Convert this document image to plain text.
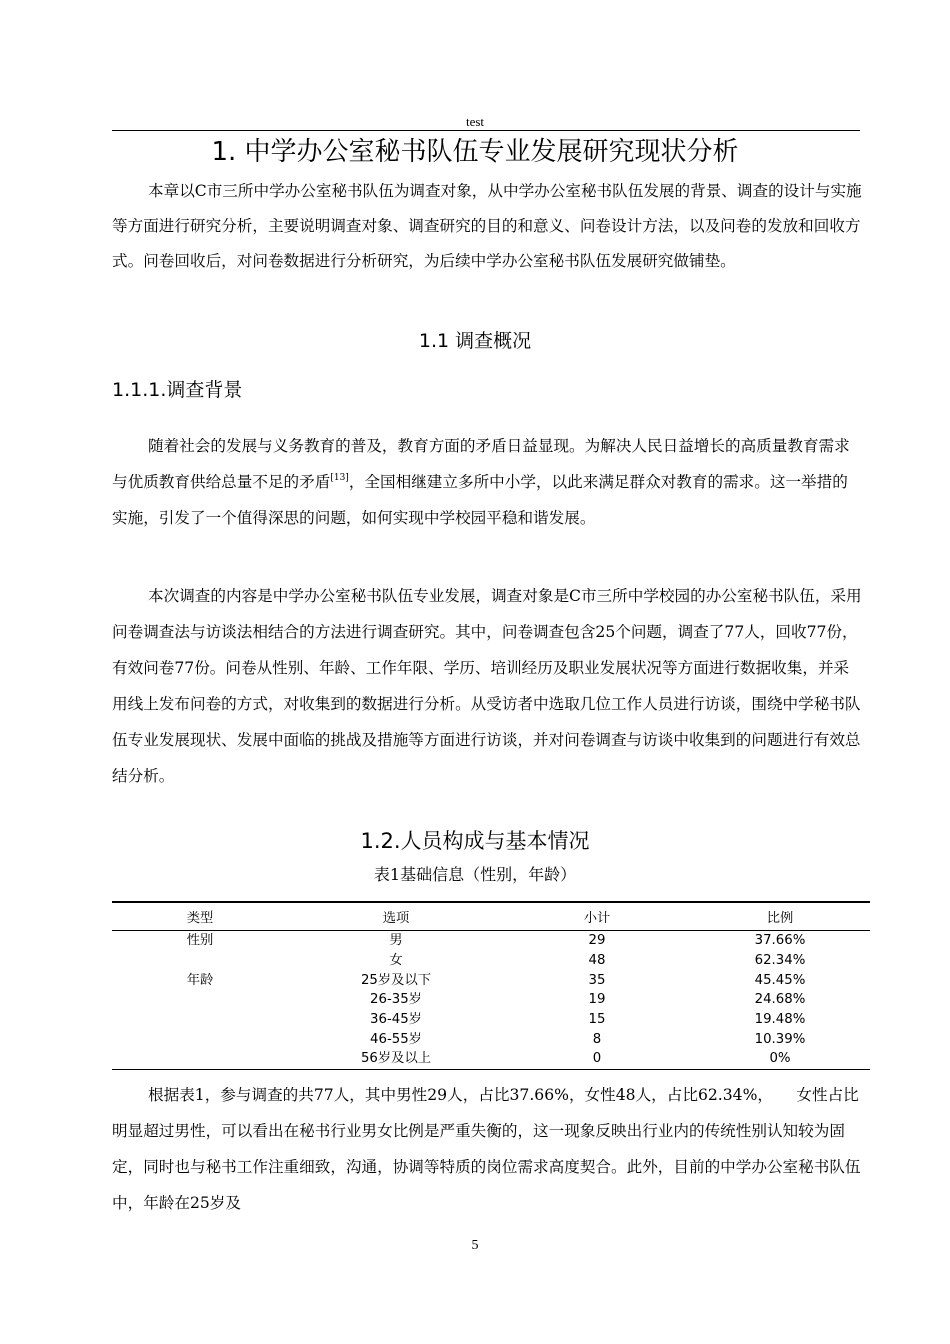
test
1. 中学办公室秘书队伍专业发展研究现状分析

本章以C市三所中学办公室秘书队伍为调查对象，从中学办公室秘书队伍发展的背景、调查的设计与实施等方面进行研究分析，主要说明调查对象、调查研究的目的和意义、问卷设计方法，以及问卷的发放和回收方式。问卷回收后，对问卷数据进行分析研究，为后续中学办公室秘书队伍发展研究做铺垫。

1.1 调查概况
1.1.1.调查背景

随着社会的发展与义务教育的普及，教育方面的矛盾日益显现。为解决人民日益增长的高质量教育需求与优质教育供给总量不足的矛盾[13]，全国相继建立多所中小学，以此来满足群众对教育的需求。这一举措的实施，引发了一个值得深思的问题，如何实现中学校园平稳和谐发展。

本次调查的内容是中学办公室秘书队伍专业发展，调查对象是C市三所中学校园的办公室秘书队伍，采用问卷调查法与访谈法相结合的方法进行调查研究。其中，问卷调查包含25个问题，调查了77人，回收77份，有效问卷77份。问卷从性别、年龄、工作年限、学历、培训经历及职业发展状况等方面进行数据收集，并采用线上发布问卷的方式，对收集到的数据进行分析。从受访者中选取几位工作人员进行访谈，围绕中学秘书队伍专业发展现状、发展中面临的挑战及措施等方面进行访谈，并对问卷调查与访谈中收集到的问题进行有效总结分析。

1.2.人员构成与基本情况
表1基础信息（性别，年龄）
类型	选项	小计	比例
性别	男	29	37.66%
	女	48	62.34%
年龄	25岁及以下	35	45.45%
	26-35岁	19	24.68%
	36-45岁	15	19.48%
	46-55岁	8	10.39%
	56岁及以上	0	0%

根据表1，参与调查的共77人，其中男性29人，占比37.66%，女性48人，占比62.34%，　　女性占比明显超过男性，可以看出在秘书行业男女比例是严重失衡的，这一现象反映出行业内的传统性别认知较为固定，同时也与秘书工作注重细致，沟通，协调等特质的岗位需求高度契合。此外，目前的中学办公室秘书队伍中，年龄在25岁及

5
